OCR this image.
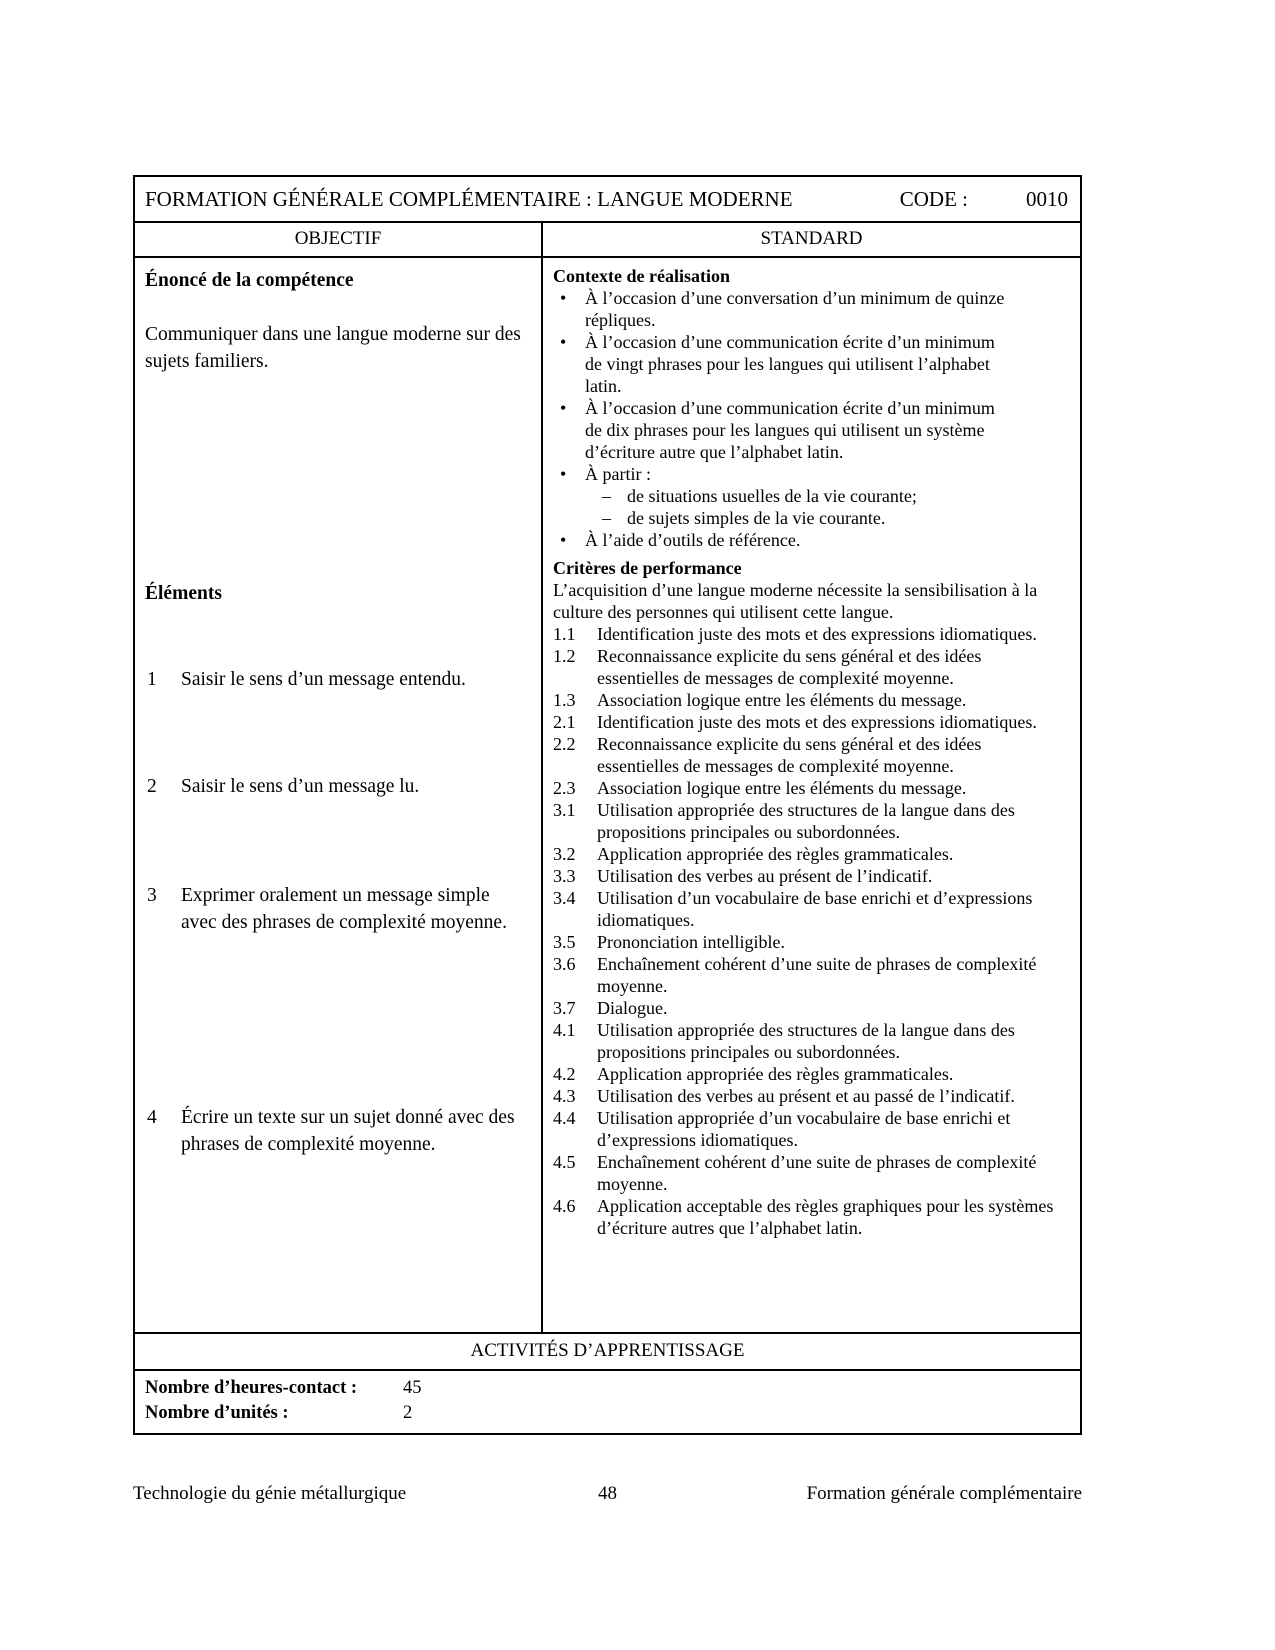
FORMATION GÉNÉRALE COMPLÉMENTAIRE : LANGUE MODERNE	CODE :	0010
OBJECTIF	STANDARD
Énoncé de la compétence
Communiquer dans une langue moderne sur des sujets familiers.
Éléments
1	Saisir le sens d’un message entendu.
2	Saisir le sens d’un message lu.
3	Exprimer oralement un message simple avec des phrases de complexité moyenne.
4	Écrire un texte sur un sujet donné avec des phrases de complexité moyenne.
Contexte de réalisation
•	À l’occasion d’une conversation d’un minimum de quinze répliques.
•	À l’occasion d’une communication écrite d’un minimum de vingt phrases pour les langues qui utilisent l’alphabet latin.
•	À l’occasion d’une communication écrite d’un minimum de dix phrases pour les langues qui utilisent un système d’écriture autre que l’alphabet latin.
•	À partir :
– de situations usuelles de la vie courante;
– de sujets simples de la vie courante.
•	À l’aide d’outils de référence.
Critères de performance
L’acquisition d’une langue moderne nécessite la sensibilisation à la culture des personnes qui utilisent cette langue.
1.1	Identification juste des mots et des expressions idiomatiques.
1.2	Reconnaissance explicite du sens général et des idées essentielles de messages de complexité moyenne.
1.3	Association logique entre les éléments du message.
2.1	Identification juste des mots et des expressions idiomatiques.
2.2	Reconnaissance explicite du sens général et des idées essentielles de messages de complexité moyenne.
2.3	Association logique entre les éléments du message.
3.1	Utilisation appropriée des structures de la langue dans des propositions principales ou subordonnées.
3.2	Application appropriée des règles grammaticales.
3.3	Utilisation des verbes au présent de l’indicatif.
3.4	Utilisation d’un vocabulaire de base enrichi et d’expressions idiomatiques.
3.5	Prononciation intelligible.
3.6	Enchaînement cohérent d’une suite de phrases de complexité moyenne.
3.7	Dialogue.
4.1	Utilisation appropriée des structures de la langue dans des propositions principales ou subordonnées.
4.2	Application appropriée des règles grammaticales.
4.3	Utilisation des verbes au présent et au passé de l’indicatif.
4.4	Utilisation appropriée d’un vocabulaire de base enrichi et d’expressions idiomatiques.
4.5	Enchaînement cohérent d’une suite de phrases de complexité moyenne.
4.6	Application acceptable des règles graphiques pour les systèmes d’écriture autres que l’alphabet latin.
ACTIVITÉS D’APPRENTISSAGE
Nombre d’heures-contact :	45
Nombre d’unités :	2
Technologie du génie métallurgique	48	Formation générale complémentaire
